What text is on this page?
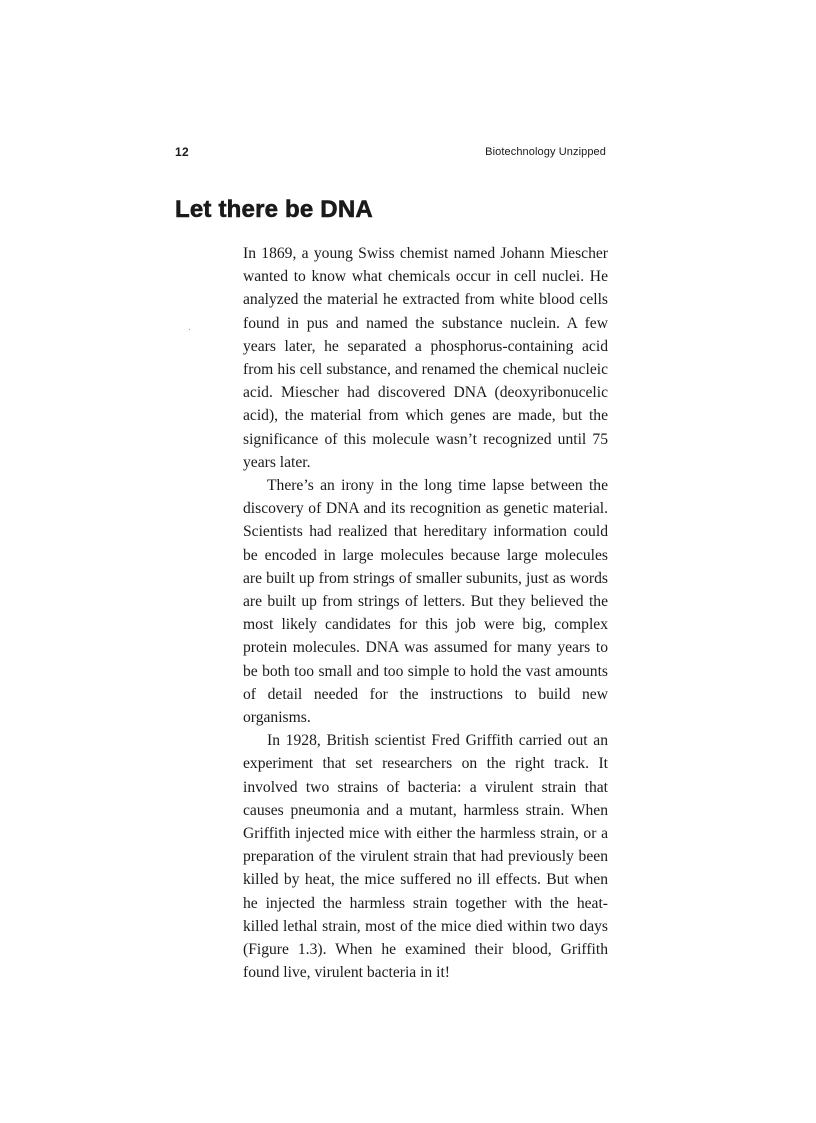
12	Biotechnology Unzipped
Let there be DNA

In 1869, a young Swiss chemist named Johann Miescher wanted to know what chemicals occur in cell nuclei. He analyzed the material he extracted from white blood cells found in pus and named the substance nuclein. A few years later, he separated a phosphorus-containing acid from his cell substance, and renamed the chemical nucleic acid. Miescher had discovered DNA (deoxyribonucelic acid), the material from which genes are made, but the significance of this molecule wasn’t recognized until 75 years later.

There’s an irony in the long time lapse between the discovery of DNA and its recognition as genetic material. Scientists had realized that hereditary information could be encoded in large molecules because large molecules are built up from strings of smaller subunits, just as words are built up from strings of letters. But they believed the most likely candidates for this job were big, complex protein molecules. DNA was assumed for many years to be both too small and too simple to hold the vast amounts of detail needed for the instructions to build new organisms.

In 1928, British scientist Fred Griffith carried out an experiment that set researchers on the right track. It involved two strains of bacteria: a virulent strain that causes pneumonia and a mutant, harmless strain. When Griffith injected mice with either the harmless strain, or a preparation of the virulent strain that had previously been killed by heat, the mice suffered no ill effects. But when he injected the harmless strain together with the heat-killed lethal strain, most of the mice died within two days (Figure 1.3). When he examined their blood, Griffith found live, virulent bacteria in it!
